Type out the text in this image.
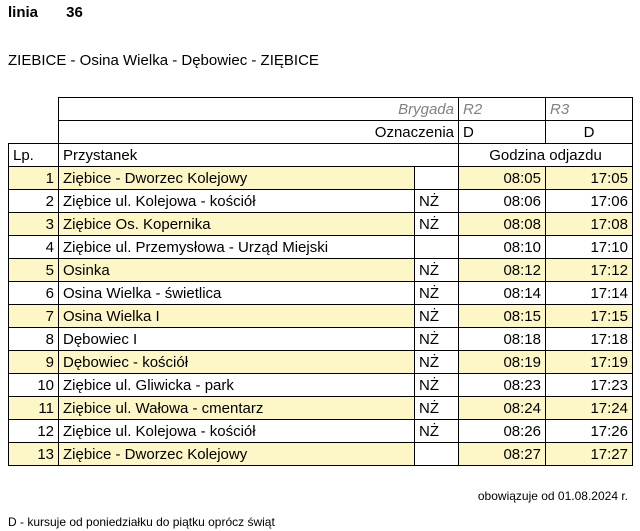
linia 36
ZIEBICE - Osina Wielka - Dębowiec - ZIĘBICE
	Brygada		R2	R3
	Oznaczenia		D	D
Lp.	Przystanek		Godzina odjazdu	
1	Ziębice - Dworzec Kolejowy		08:05	17:05
2	Ziębice ul. Kolejowa - kościół	NŻ	08:06	17:06
3	Ziębice Os. Kopernika	NŻ	08:08	17:08
4	Ziębice ul. Przemysłowa - Urząd Miejski		08:10	17:10
5	Osinka	NŻ	08:12	17:12
6	Osina Wielka - świetlica	NŻ	08:14	17:14
7	Osina Wielka I	NŻ	08:15	17:15
8	Dębowiec I	NŻ	08:18	17:18
9	Dębowiec - kościół	NŻ	08:19	17:19
10	Ziębice ul. Gliwicka - park	NŻ	08:23	17:23
11	Ziębice ul. Wałowa - cmentarz	NŻ	08:24	17:24
12	Ziębice ul. Kolejowa - kościół	NŻ	08:26	17:26
13	Ziębice - Dworzec Kolejowy		08:27	17:27
obowiązuje od 01.08.2024 r.
D - kursuje od poniedziałku do piątku oprócz świąt
